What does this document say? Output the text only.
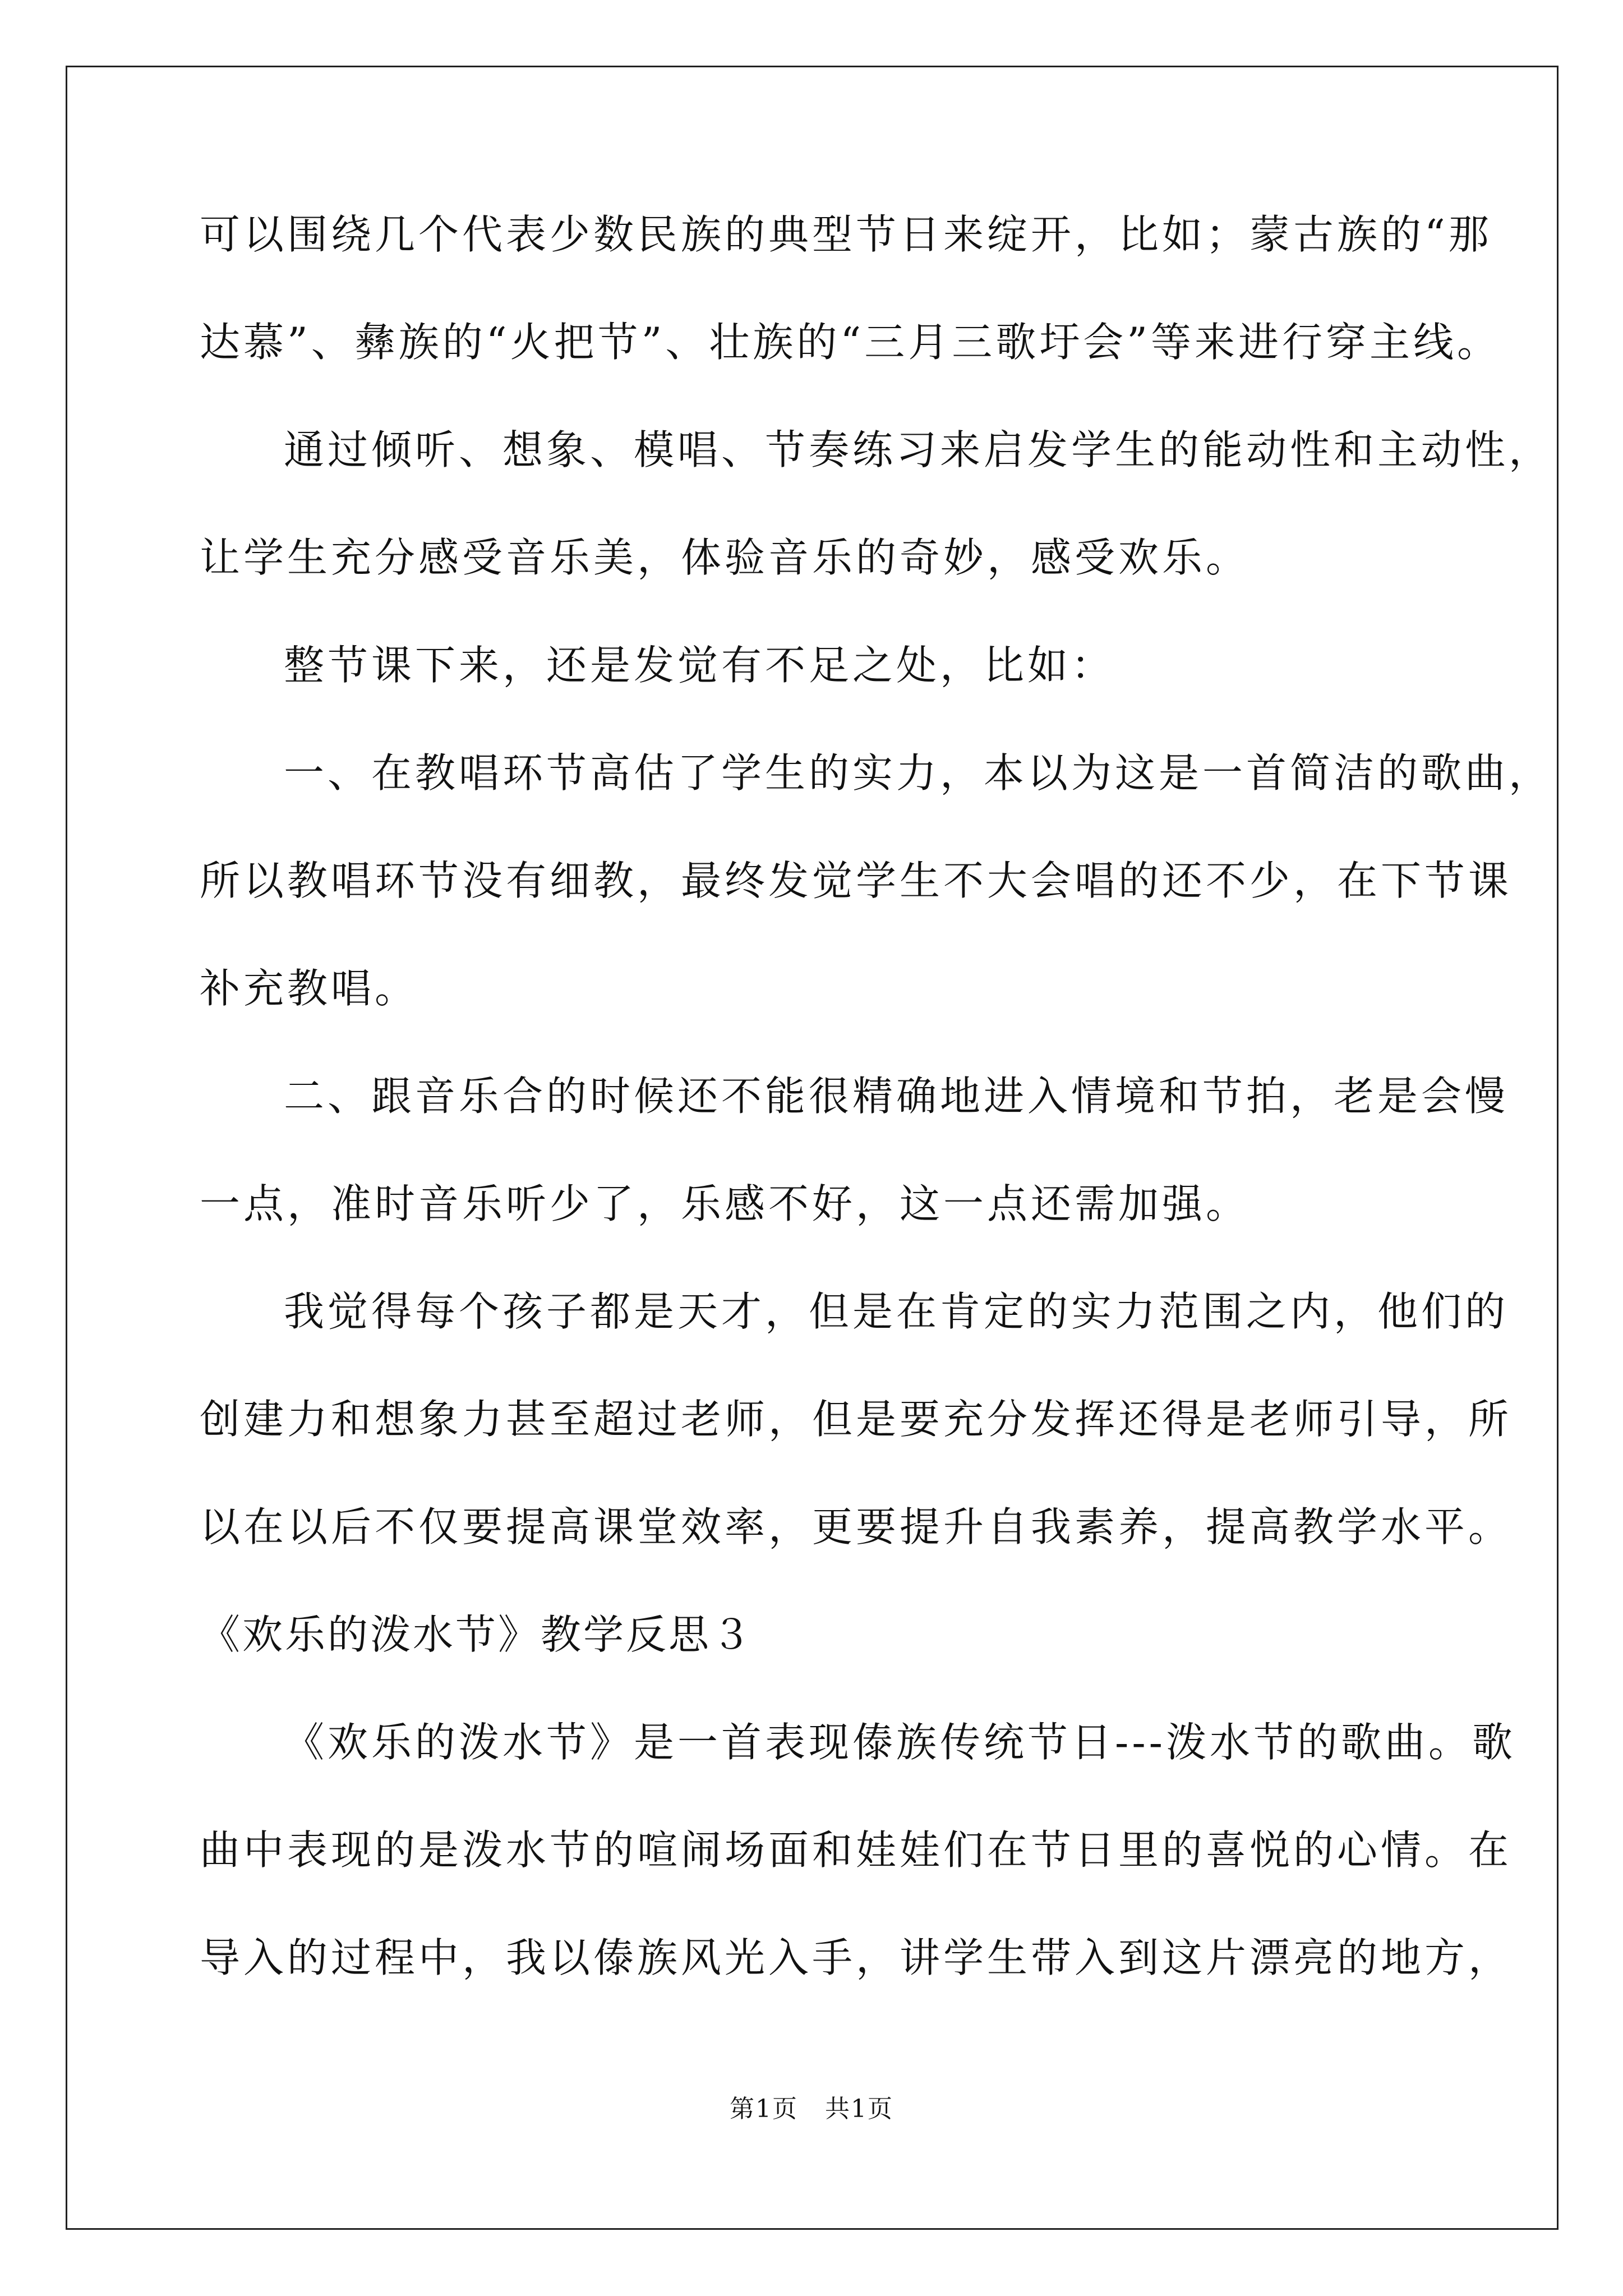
可以围绕几个代表少数民族的典型节日来绽开，比如；蒙古族的“那
达慕”、彝族的“火把节”、壮族的“三月三歌圩会”等来进行穿主线。
通过倾听、想象、模唱、节奏练习来启发学生的能动性和主动性，
让学生充分感受音乐美，体验音乐的奇妙，感受欢乐。
整节课下来，还是发觉有不足之处，比如：
一、在教唱环节高估了学生的实力，本以为这是一首简洁的歌曲，
所以教唱环节没有细教，最终发觉学生不大会唱的还不少，在下节课
补充教唱。
二、跟音乐合的时候还不能很精确地进入情境和节拍，老是会慢
一点，准时音乐听少了，乐感不好，这一点还需加强。
我觉得每个孩子都是天才，但是在肯定的实力范围之内，他们的
创建力和想象力甚至超过老师，但是要充分发挥还得是老师引导，所
以在以后不仅要提高课堂效率，更要提升自我素养，提高教学水平。
《欢乐的泼水节》教学反思３
《欢乐的泼水节》是一首表现傣族传统节日---泼水节的歌曲。歌
曲中表现的是泼水节的喧闹场面和娃娃们在节日里的喜悦的心情。在
导入的过程中，我以傣族风光入手，讲学生带入到这片漂亮的地方，
第1页 共1页
